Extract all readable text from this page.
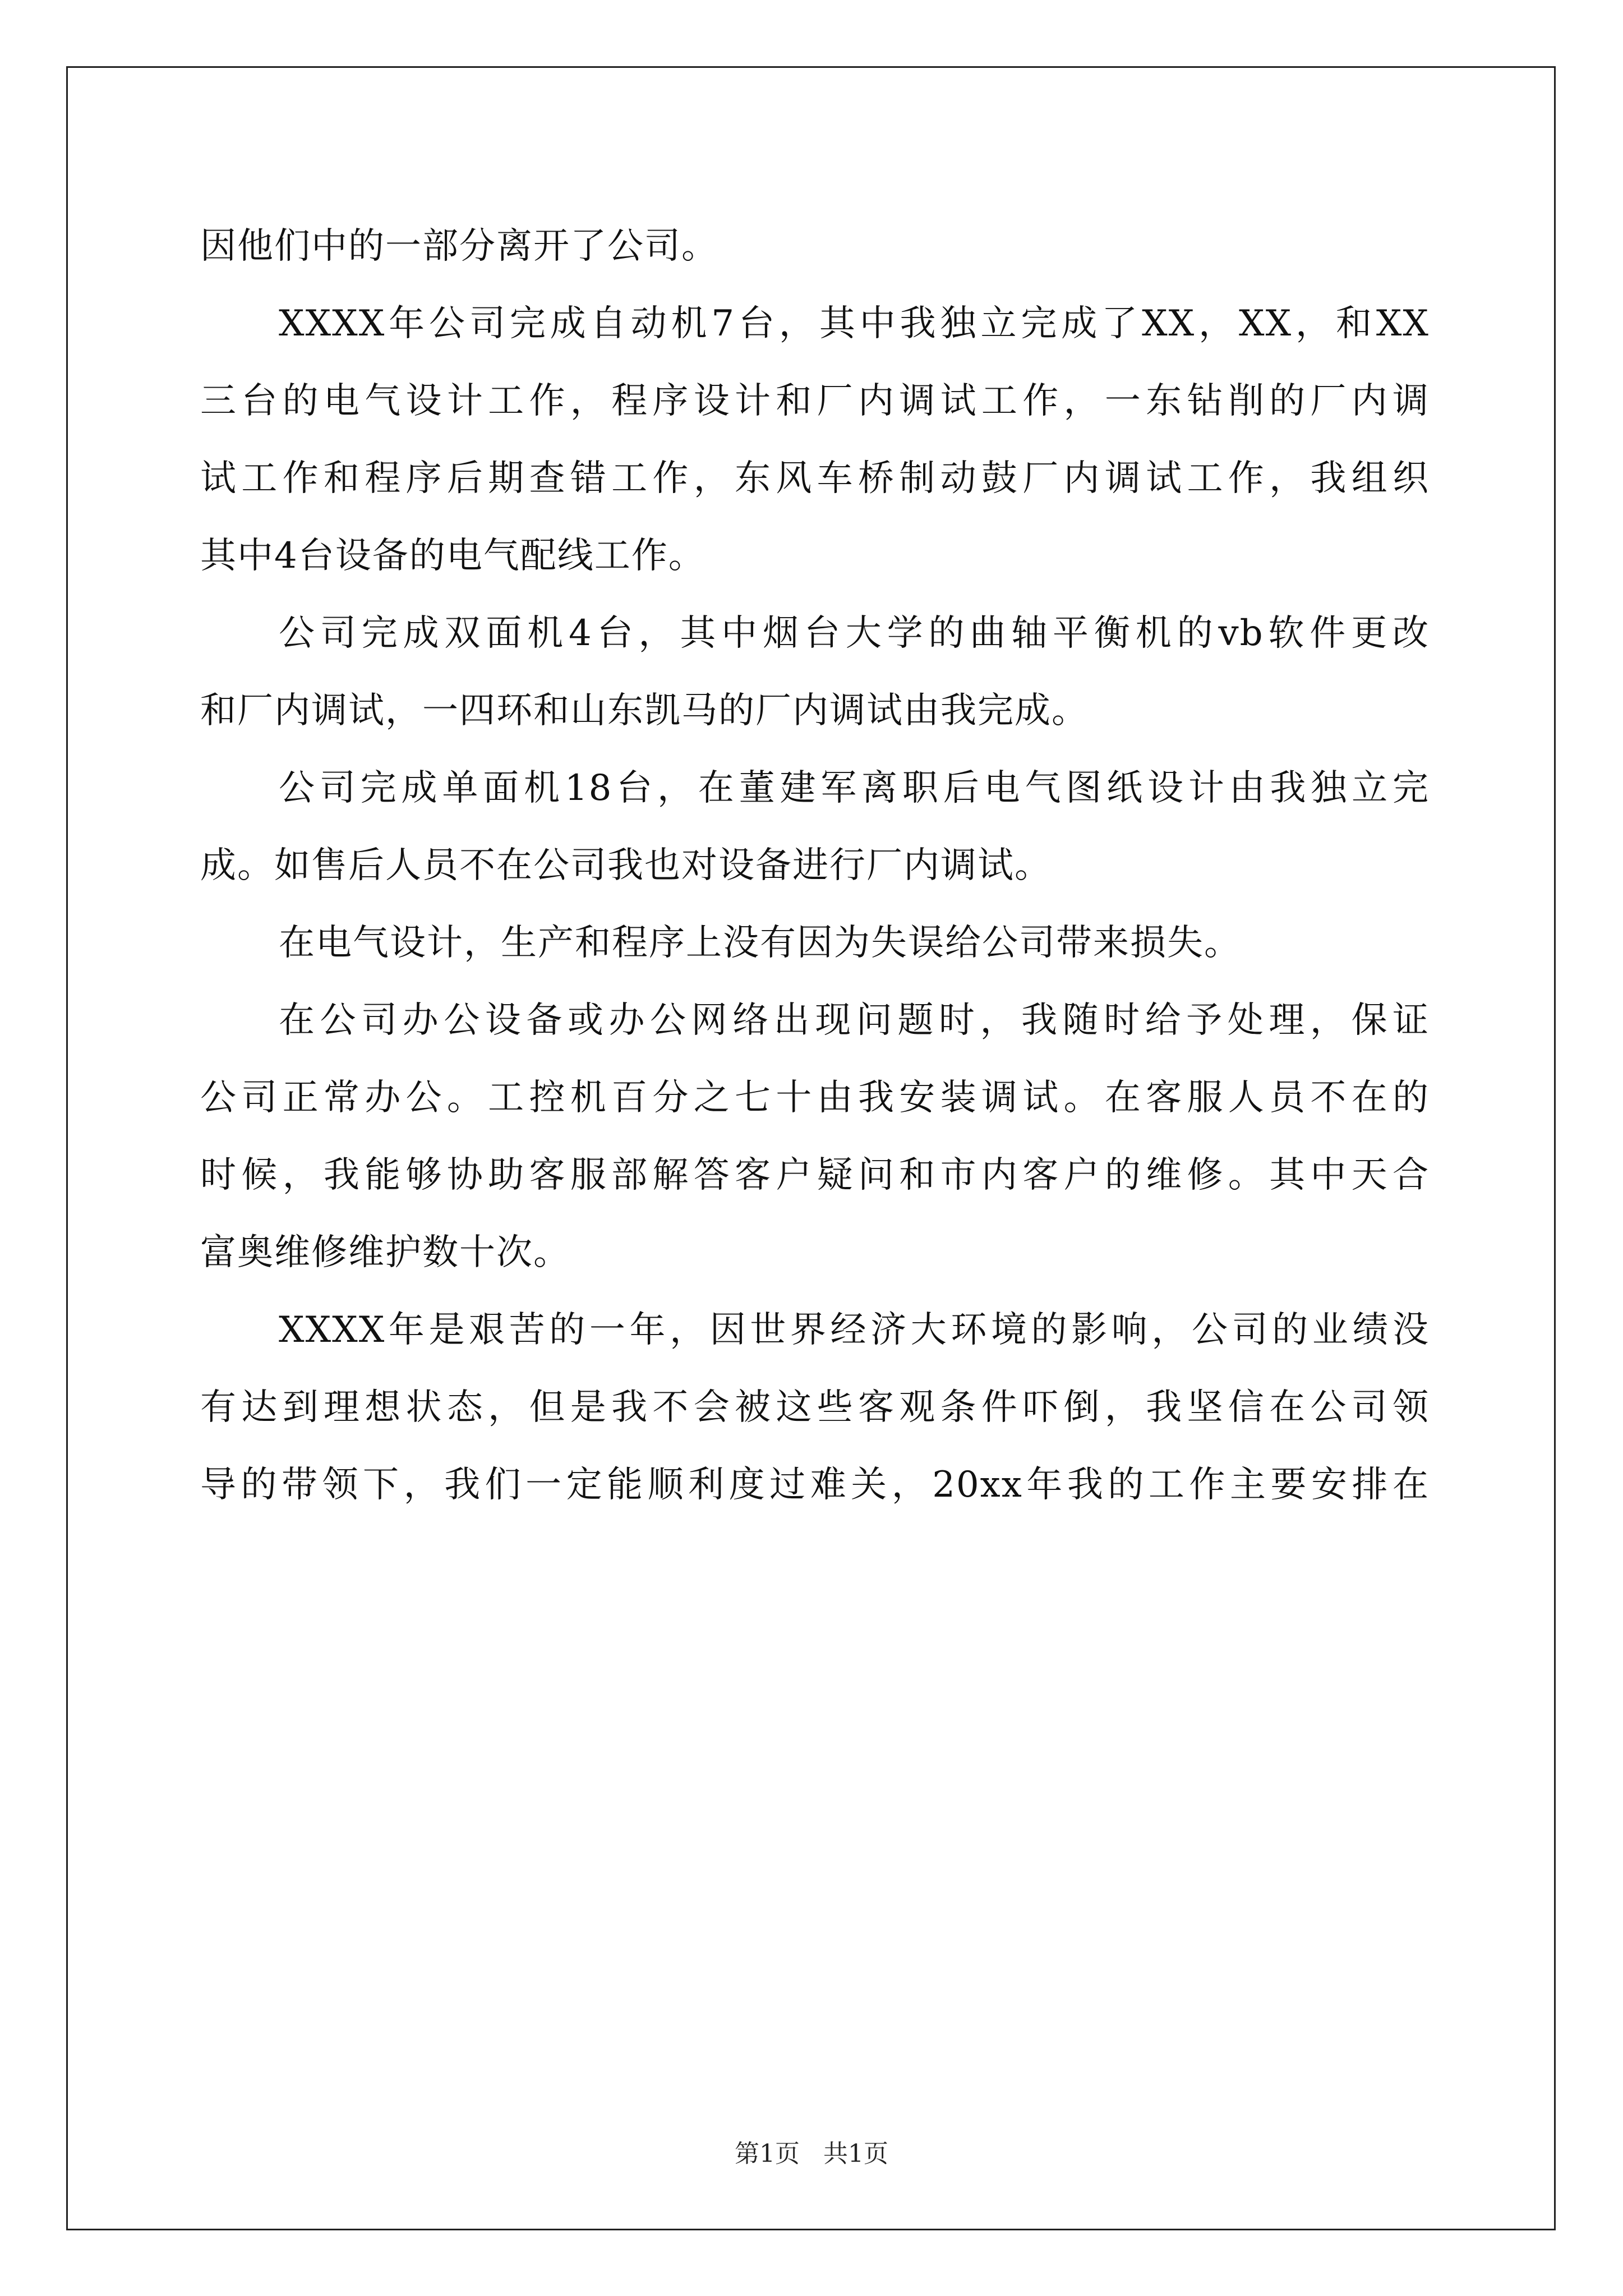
因他们中的一部分离开了公司。
XXXX年公司完成自动机7台，其中我独立完成了XX，XX，和XX
三台的电气设计工作，程序设计和厂内调试工作，一东钻削的厂内调
试工作和程序后期查错工作，东风车桥制动鼓厂内调试工作，我组织
其中4台设备的电气配线工作。
公司完成双面机4台，其中烟台大学的曲轴平衡机的vb软件更改
和厂内调试，一四环和山东凯马的厂内调试由我完成。
公司完成单面机18台，在董建军离职后电气图纸设计由我独立完
成。如售后人员不在公司我也对设备进行厂内调试。
在电气设计，生产和程序上没有因为失误给公司带来损失。
在公司办公设备或办公网络出现问题时，我随时给予处理，保证
公司正常办公。工控机百分之七十由我安装调试。在客服人员不在的
时候，我能够协助客服部解答客户疑问和市内客户的维修。其中天合
富奥维修维护数十次。
XXXX年是艰苦的一年，因世界经济大环境的影响，公司的业绩没
有达到理想状态，但是我不会被这些客观条件吓倒，我坚信在公司领
导的带领下，我们一定能顺利度过难关，20xx年我的工作主要安排在
第1页   共1页
